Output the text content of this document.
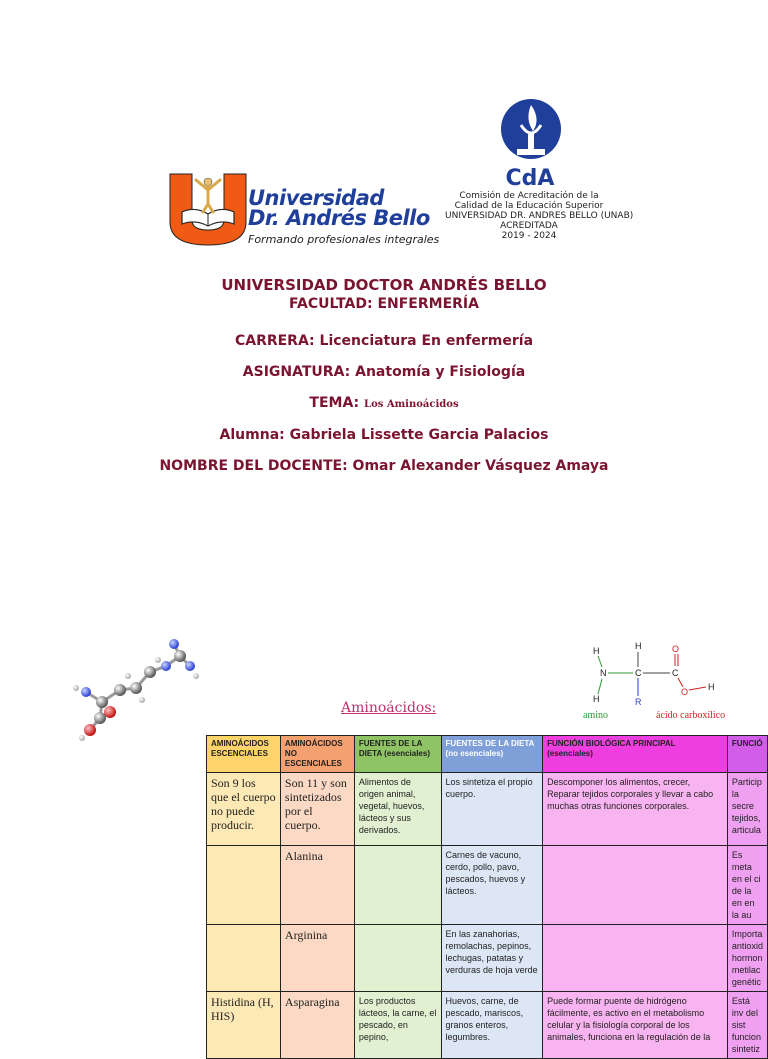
Universidad
Dr. Andrés Bello
Formando profesionales integrales
CdA
Comisión de Acreditación de la
Calidad de la Educación Superior
UNIVERSIDAD DR. ANDRES BELLO (UNAB)
ACREDITADA
2019 - 2024
UNIVERSIDAD DOCTOR ANDRÉS BELLO
FACULTAD: ENFERMERÍA
CARRERA: Licenciatura En enfermería
ASIGNATURA: Anatomía y Fisiología
TEMA: Los Aminoácidos
Alumna: Gabriela Lissette Garcia Palacios
NOMBRE DEL DOCENTE: Omar Alexander Vásquez Amaya
H
N
H
H
C
R
C
O
O H
amino	ácido carboxílico
Aminoácidos:
AMINOÁCIDOS ESCENCIALES	AMINOÁCIDOS NO ESCENCIALES	FUENTES DE LA DIETA (esenciales)	FUENTES DE LA DIETA (no esenciales)	FUNCIÓN BIOLÓGICA PRINCIPAL (esenciales)	FUNCIÓ
Son 9 los que el cuerpo no puede producir.	Son 11 y son sintetizados por el cuerpo.	Alimentos de origen animal, vegetal, huevos, lácteos y sus derivados.	Los sintetiza el propio cuerpo.	Descomponer los alimentos, crecer, Reparar tejidos corporales y llevar a cabo muchas otras funciones corporales.	Particip la secre tejidos, articula
	Alanina		Carnes de vacuno, cerdo, pollo, pavo, pescados, huevos y lácteos.		Es meta en el ci de la en en la au
	Arginina		En las zanahorias, remolachas, pepinos, lechugas, patatas y verduras de hoja verde		Importa antioxid hormon metilac genétic
Histidina (H, HIS)	Asparagina	Los productos lácteos, la carne, el pescado, en pepino,	Huevos, carne, de pescado, mariscos, granos enteros, legumbres.	Puede formar puente de hidrógeno fácilmente, es activo en el metabolismo celular y la fisiología corporal de los animales, funciona en la regulación de la	Está inv del sist funcion sintetiz
